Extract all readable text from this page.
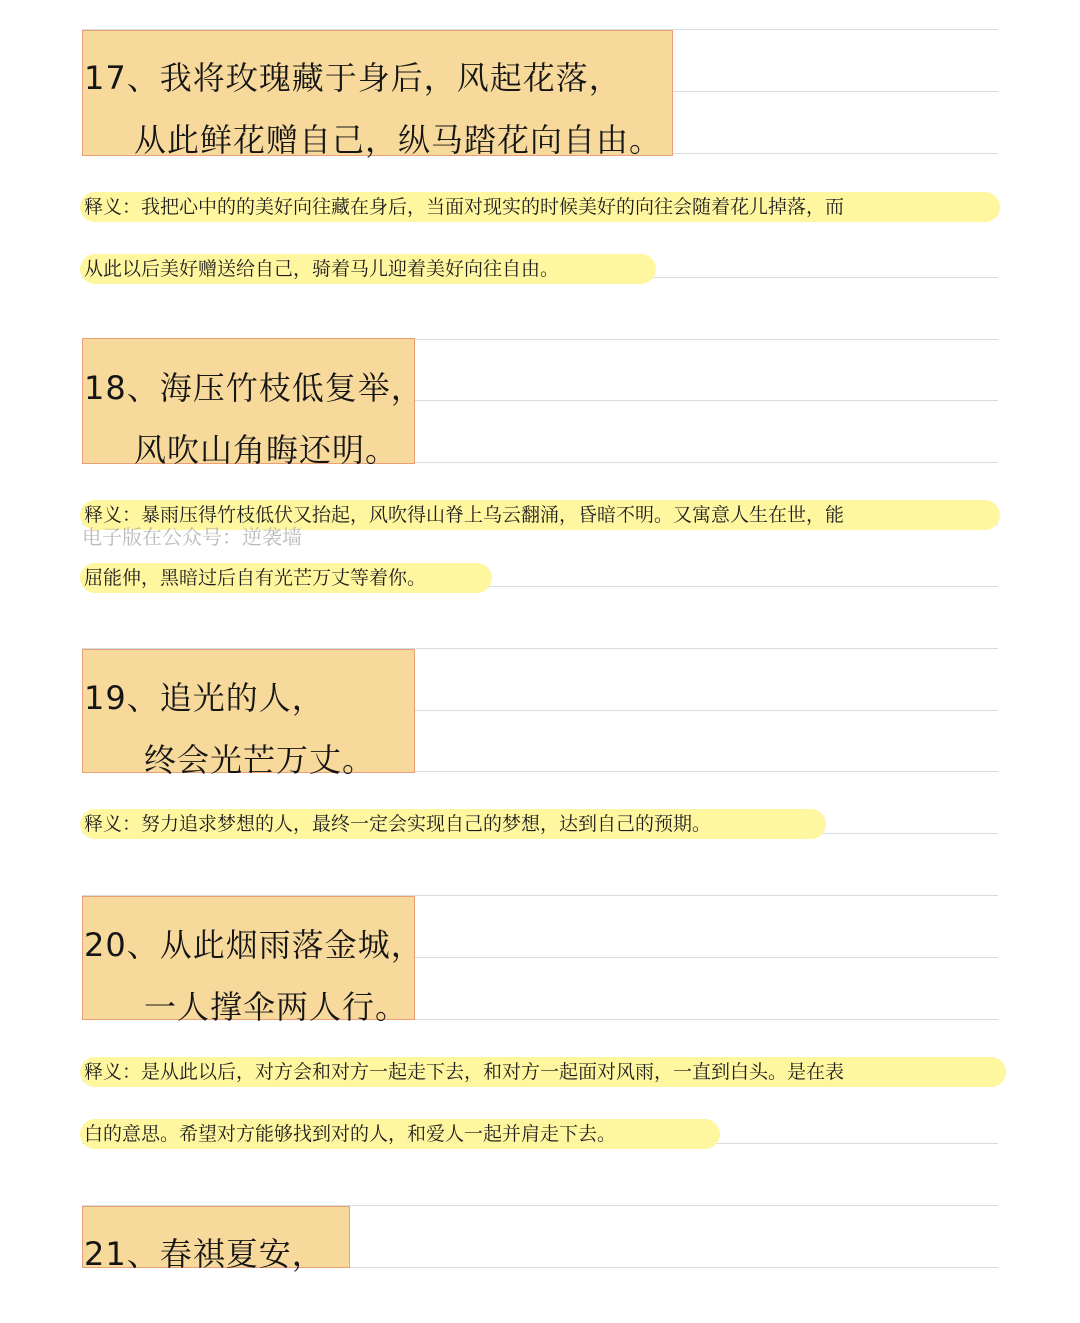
17、我将玫瑰藏于身后，风起花落，
从此鲜花赠自己，纵马踏花向自由。
释义：我把心中的的美好向往藏在身后，当面对现实的时候美好的向往会随着花儿掉落，而
从此以后美好赠送给自己，骑着马儿迎着美好向往自由。
18、海压竹枝低复举，
风吹山角晦还明。
释义：暴雨压得竹枝低伏又抬起，风吹得山脊上乌云翻涌，昏暗不明。又寓意人生在世，能
电子版在公众号：逆袭墙
屈能伸，黑暗过后自有光芒万丈等着你。
19、追光的人，
终会光芒万丈。
释义：努力追求梦想的人，最终一定会实现自己的梦想，达到自己的预期。
20、从此烟雨落金城，
一人撑伞两人行。
释义：是从此以后，对方会和对方一起走下去，和对方一起面对风雨，一直到白头。是在表
白的意思。希望对方能够找到对的人，和爱人一起并肩走下去。
21、春祺夏安，
